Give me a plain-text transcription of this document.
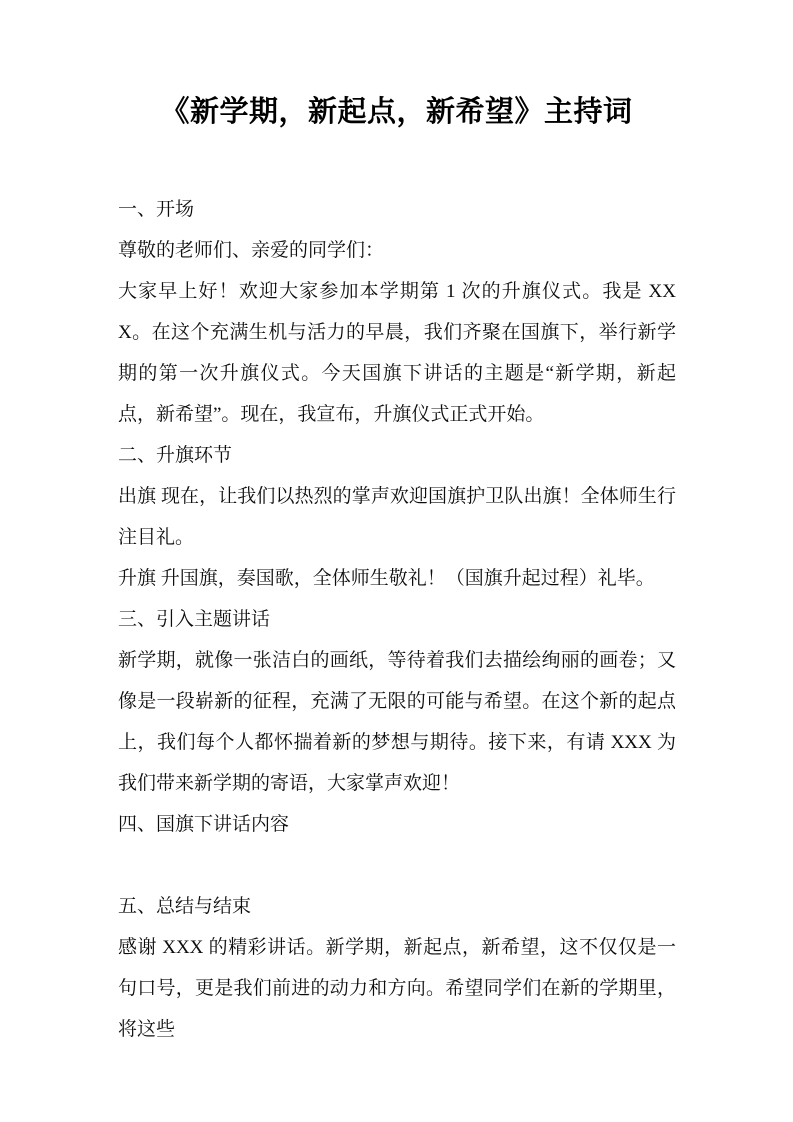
《新学期，新起点，新希望》主持词

一、开场

尊敬的老师们、亲爱的同学们：

大家早上好！欢迎大家参加本学期第 1 次的升旗仪式。我是 XXX。在这个充满生机与活力的早晨，我们齐聚在国旗下，举行新学期的第一次升旗仪式。今天国旗下讲话的主题是“新学期，新起点，新希望”。现在，我宣布，升旗仪式正式开始。

二、升旗环节

出旗 现在，让我们以热烈的掌声欢迎国旗护卫队出旗！全体师生行注目礼。

升旗 升国旗，奏国歌，全体师生敬礼！（国旗升起过程）礼毕。

三、引入主题讲话

新学期，就像一张洁白的画纸，等待着我们去描绘绚丽的画卷；又像是一段崭新的征程，充满了无限的可能与希望。在这个新的起点上，我们每个人都怀揣着新的梦想与期待。接下来，有请 XXX 为我们带来新学期的寄语，大家掌声欢迎！

四、国旗下讲话内容

五、总结与结束

感谢 XXX 的精彩讲话。新学期，新起点，新希望，这不仅仅是一句口号，更是我们前进的动力和方向。希望同学们在新的学期里，将这些
